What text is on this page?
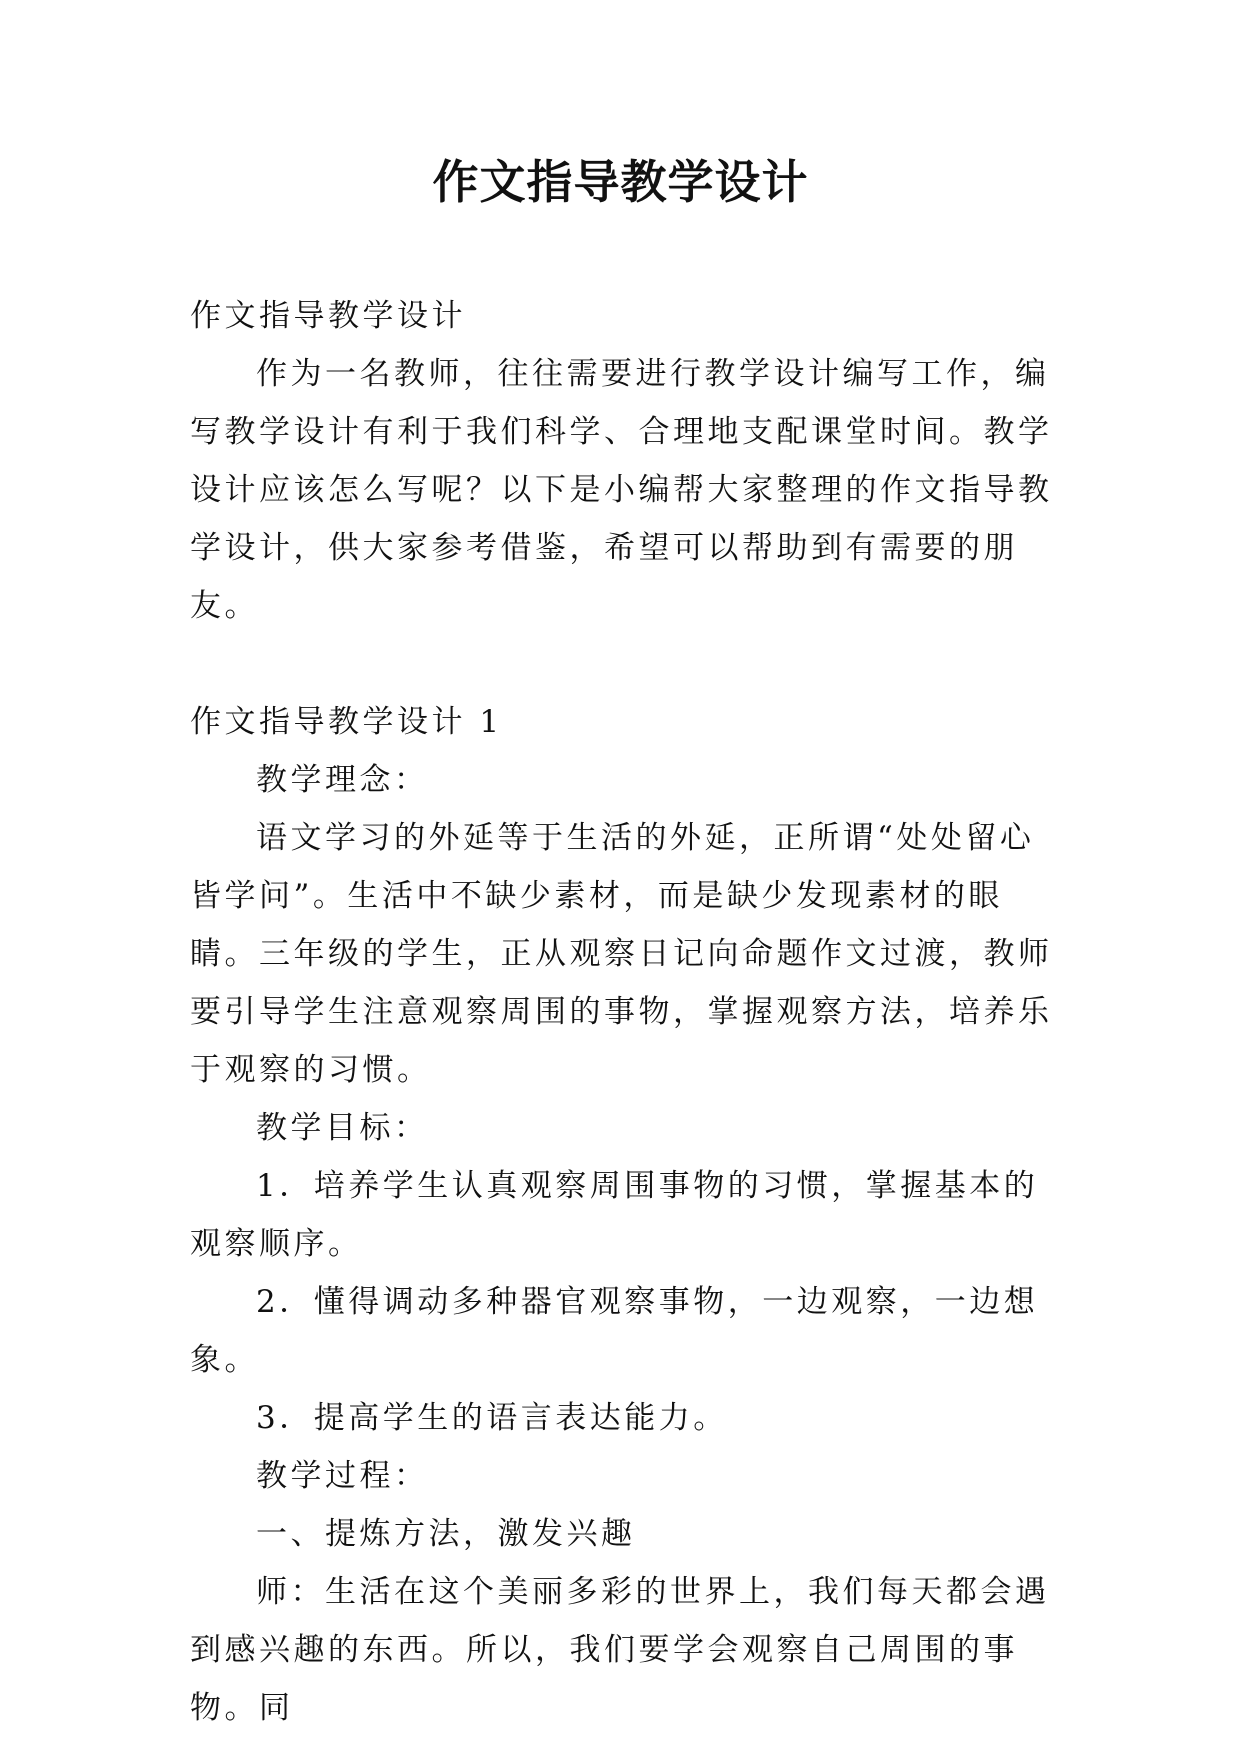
作文指导教学设计

作文指导教学设计

作为一名教师，往往需要进行教学设计编写工作，编写教学设计有利于我们科学、合理地支配课堂时间。教学设计应该怎么写呢？以下是小编帮大家整理的作文指导教学设计，供大家参考借鉴，希望可以帮助到有需要的朋友。

作文指导教学设计 1

教学理念：

语文学习的外延等于生活的外延，正所谓“处处留心皆学问”。生活中不缺少素材，而是缺少发现素材的眼睛。三年级的学生，正从观察日记向命题作文过渡，教师要引导学生注意观察周围的事物，掌握观察方法，培养乐于观察的习惯。

教学目标：

1．培养学生认真观察周围事物的习惯，掌握基本的观察顺序。

2．懂得调动多种器官观察事物，一边观察，一边想象。

3．提高学生的语言表达能力。

教学过程：

一、提炼方法，激发兴趣

师：生活在这个美丽多彩的世界上，我们每天都会遇到感兴趣的东西。所以，我们要学会观察自己周围的事物。同
